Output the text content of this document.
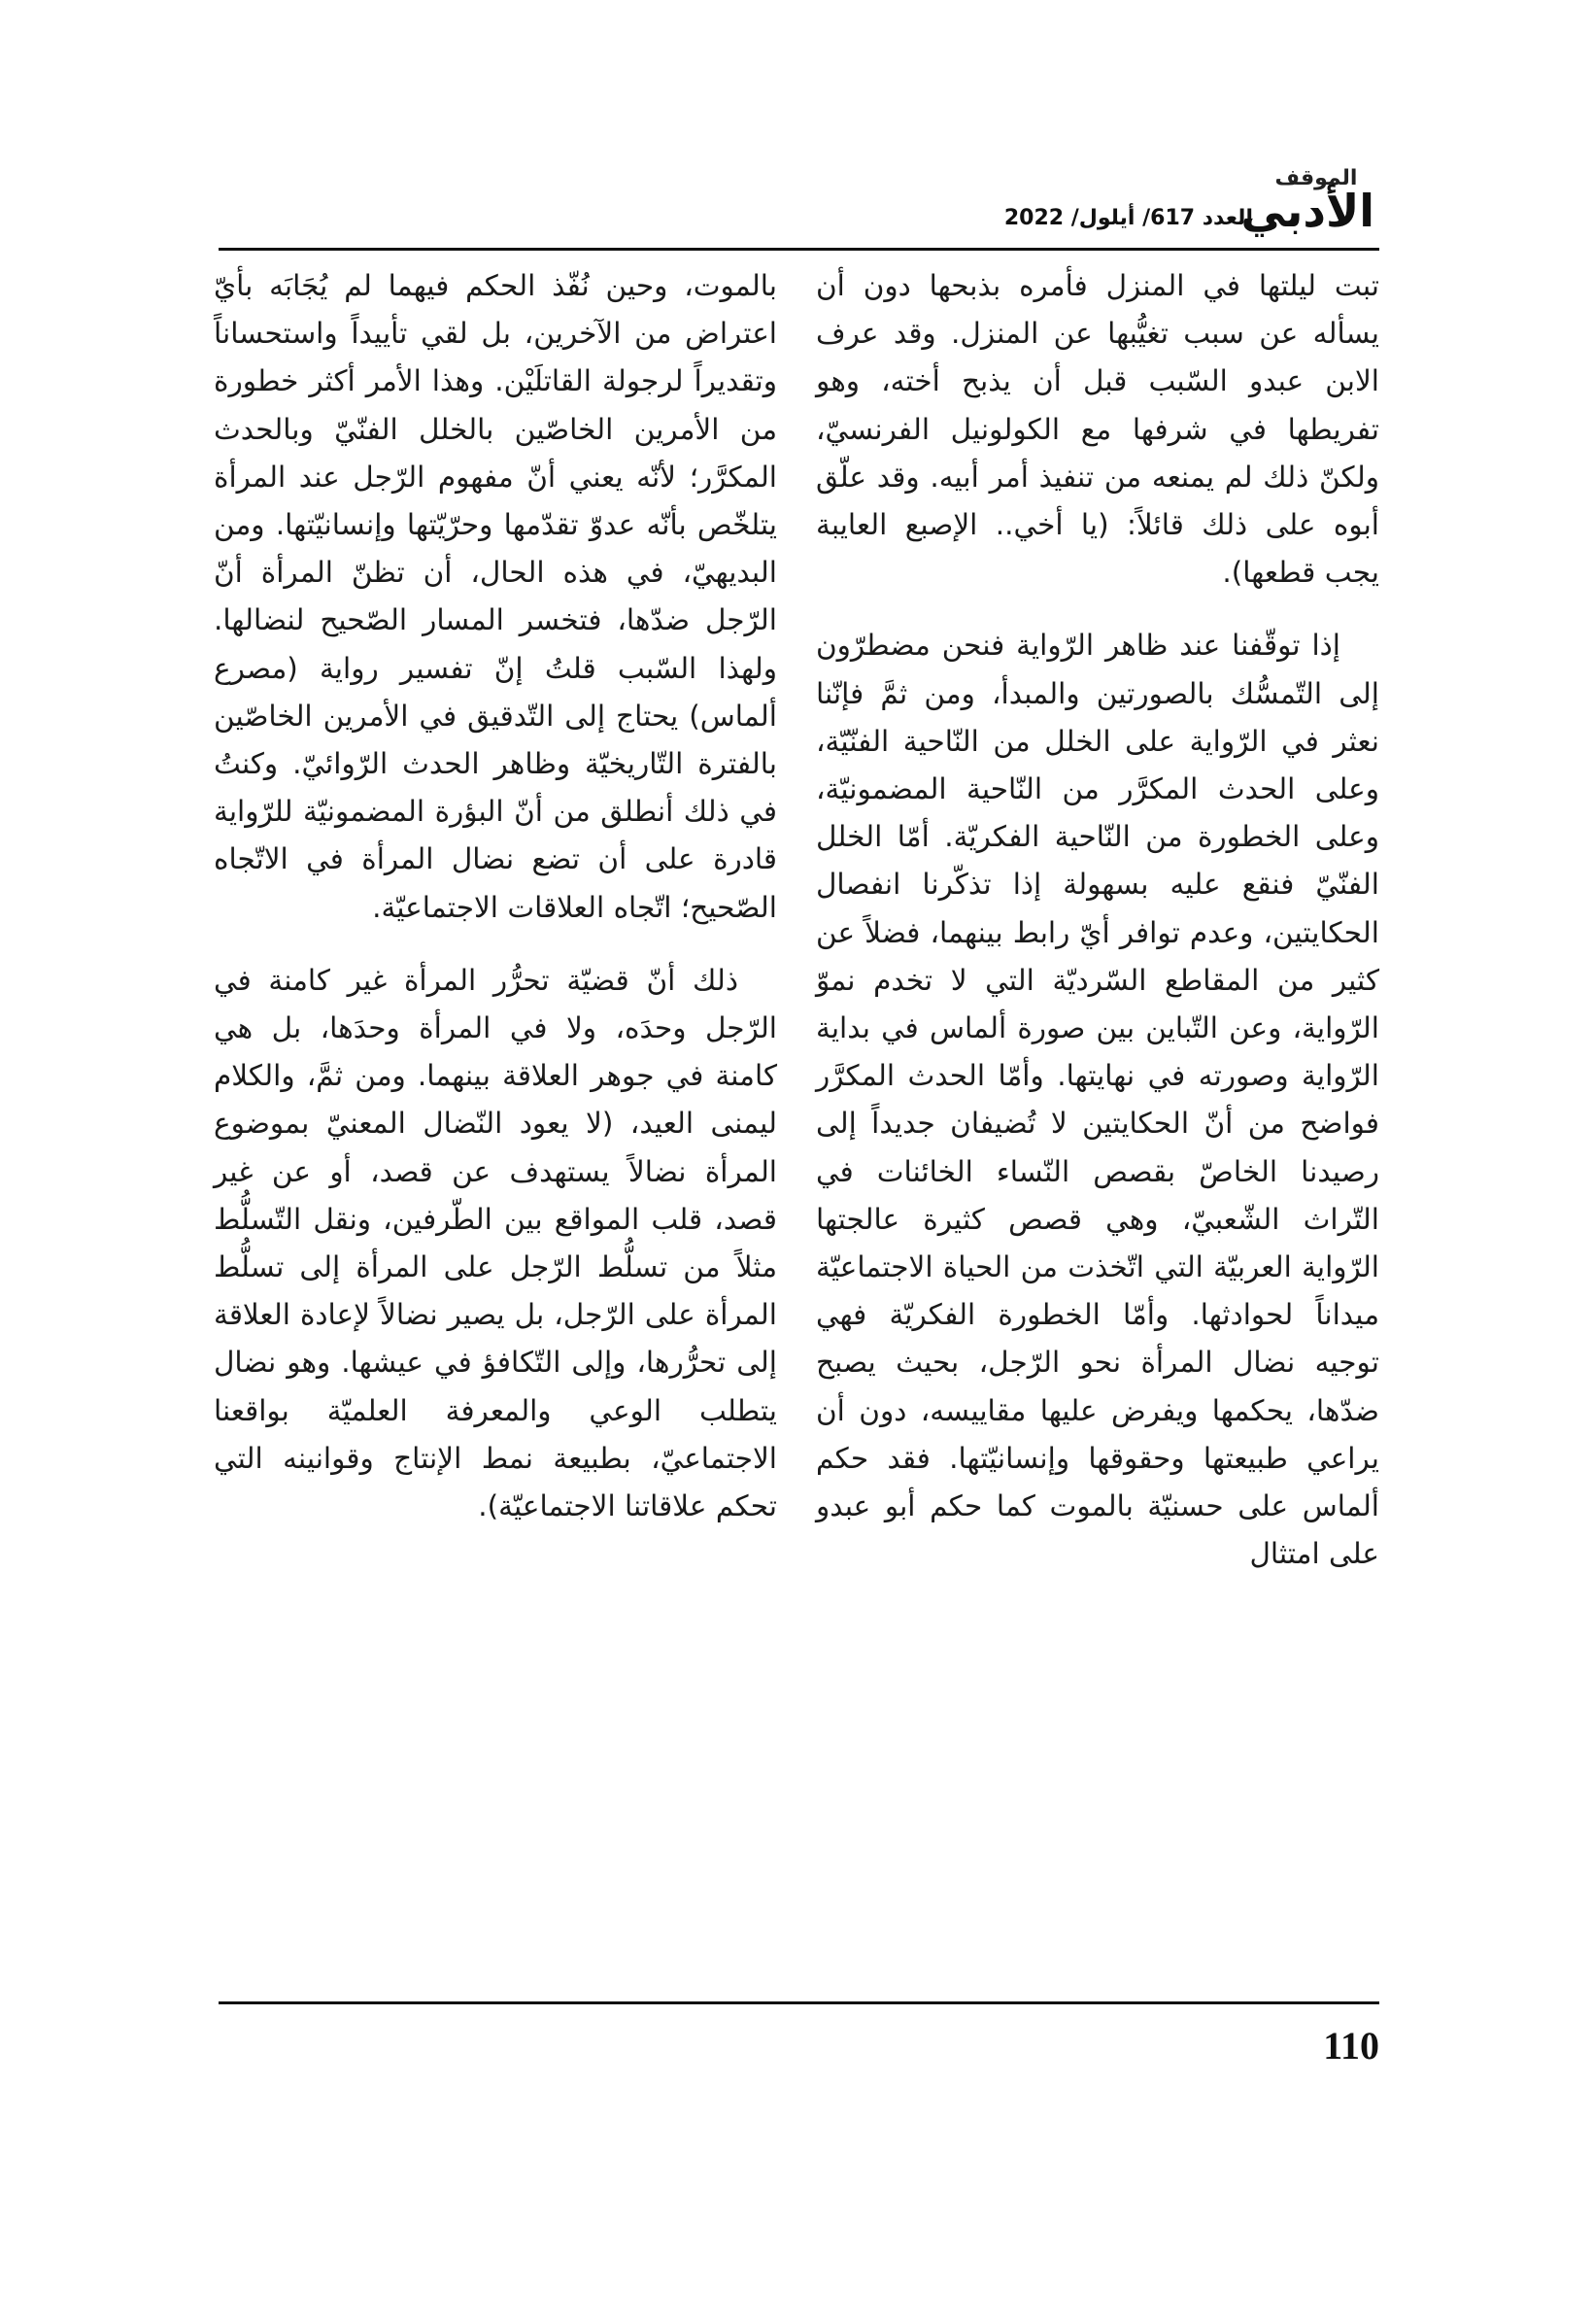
الموقف
الأدبي
العدد 617/ أيلول/ 2022

تبت ليلتها في المنزل فأمره بذبحها دون أن يسأله عن سبب تغيُّبها عن المنزل. وقد عرف الابن عبدو السّبب قبل أن يذبح أخته، وهو تفريطها في شرفها مع الكولونيل الفرنسيّ، ولكنّ ذلك لم يمنعه من تنفيذ أمر أبيه. وقد علّق أبوه على ذلك قائلاً: (يا أخي.. الإصبع العايبة يجب قطعها).

إذا توقّفنا عند ظاهر الرّواية فنحن مضطرّون إلى التّمسُّك بالصورتين والمبدأ، ومن ثمَّ فإنّنا نعثر في الرّواية على الخلل من النّاحية الفنّيّة، وعلى الحدث المكرَّر من النّاحية المضمونيّة، وعلى الخطورة من النّاحية الفكريّة. أمّا الخلل الفنّيّ فنقع عليه بسهولة إذا تذكّرنا انفصال الحكايتين، وعدم توافر أيّ رابط بينهما، فضلاً عن كثير من المقاطع السّرديّة التي لا تخدم نموّ الرّواية، وعن التّباين بين صورة ألماس في بداية الرّواية وصورته في نهايتها. وأمّا الحدث المكرَّر فواضح من أنّ الحكايتين لا تُضيفان جديداً إلى رصيدنا الخاصّ بقصص النّساء الخائنات في التّراث الشّعبيّ، وهي قصص كثيرة عالجتها الرّواية العربيّة التي اتّخذت من الحياة الاجتماعيّة ميداناً لحوادثها. وأمّا الخطورة الفكريّة فهي توجيه نضال المرأة نحو الرّجل، بحيث يصبح ضدّها، يحكمها ويفرض عليها مقاييسه، دون أن يراعي طبيعتها وحقوقها وإنسانيّتها. فقد حكم ألماس على حسنيّة بالموت كما حكم أبو عبدو على امتثال

بالموت، وحين نُفّذ الحكم فيهما لم يُجَابَه بأيّ اعتراض من الآخرين، بل لقي تأييداً واستحساناً وتقديراً لرجولة القاتلَيْن. وهذا الأمر أكثر خطورة من الأمرين الخاصّين بالخلل الفنّيّ وبالحدث المكرَّر؛ لأنّه يعني أنّ مفهوم الرّجل عند المرأة يتلخّص بأنّه عدوّ تقدّمها وحرّيّتها وإنسانيّتها. ومن البديهيّ، في هذه الحال، أن تظنّ المرأة أنّ الرّجل ضدّها، فتخسر المسار الصّحيح لنضالها. ولهذا السّبب قلتُ إنّ تفسير رواية (مصرع ألماس) يحتاج إلى التّدقيق في الأمرين الخاصّين بالفترة التّاريخيّة وظاهر الحدث الرّوائيّ. وكنتُ في ذلك أنطلق من أنّ البؤرة المضمونيّة للرّواية قادرة على أن تضع نضال المرأة في الاتّجاه الصّحيح؛ اتّجاه العلاقات الاجتماعيّة.

ذلك أنّ قضيّة تحرُّر المرأة غير كامنة في الرّجل وحدَه، ولا في المرأة وحدَها، بل هي كامنة في جوهر العلاقة بينهما. ومن ثمَّ، والكلام ليمنى العيد، (لا يعود النّضال المعنيّ بموضوع المرأة نضالاً يستهدف عن قصد، أو عن غير قصد، قلب المواقع بين الطّرفين، ونقل التّسلُّط مثلاً من تسلُّط الرّجل على المرأة إلى تسلُّط المرأة على الرّجل، بل يصير نضالاً لإعادة العلاقة إلى تحرُّرها، وإلى التّكافؤ في عيشها. وهو نضال يتطلب الوعي والمعرفة العلميّة بواقعنا الاجتماعيّ، بطبيعة نمط الإنتاج وقوانينه التي تحكم علاقاتنا الاجتماعيّة).

110
